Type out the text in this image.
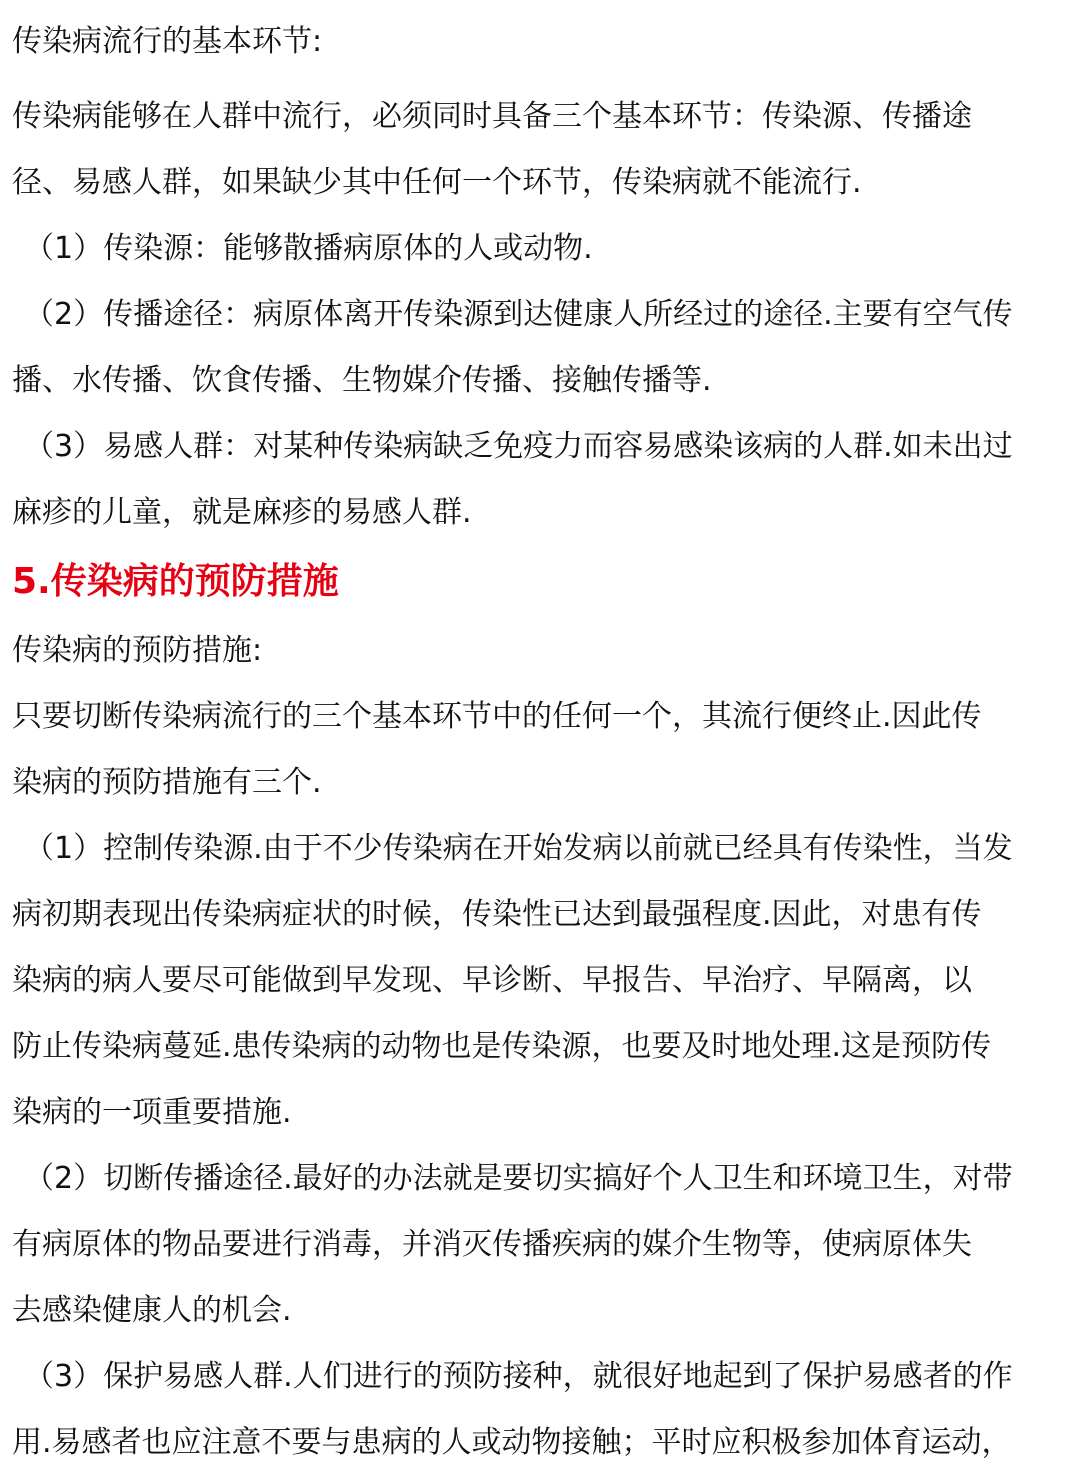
传染病流行的基本环节:
传染病能够在人群中流行，必须同时具备三个基本环节：传染源、传播途
径、易感人群，如果缺少其中任何一个环节，传染病就不能流行.
（1）传染源：能够散播病原体的人或动物.
（2）传播途径：病原体离开传染源到达健康人所经过的途径.主要有空气传
播、水传播、饮食传播、生物媒介传播、接触传播等.
（3）易感人群：对某种传染病缺乏免疫力而容易感染该病的人群.如未出过
麻疹的儿童，就是麻疹的易感人群.
5.传染病的预防措施
传染病的预防措施:
只要切断传染病流行的三个基本环节中的任何一个，其流行便终止.因此传
染病的预防措施有三个.
（1）控制传染源.由于不少传染病在开始发病以前就已经具有传染性，当发
病初期表现出传染病症状的时候，传染性已达到最强程度.因此，对患有传
染病的病人要尽可能做到早发现、早诊断、早报告、早治疗、早隔离，以
防止传染病蔓延.患传染病的动物也是传染源，也要及时地处理.这是预防传
染病的一项重要措施.
（2）切断传播途径.最好的办法就是要切实搞好个人卫生和环境卫生，对带
有病原体的物品要进行消毒，并消灭传播疾病的媒介生物等，使病原体失
去感染健康人的机会.
（3）保护易感人群.人们进行的预防接种，就很好地起到了保护易感者的作
用.易感者也应注意不要与患病的人或动物接触；平时应积极参加体育运动，
